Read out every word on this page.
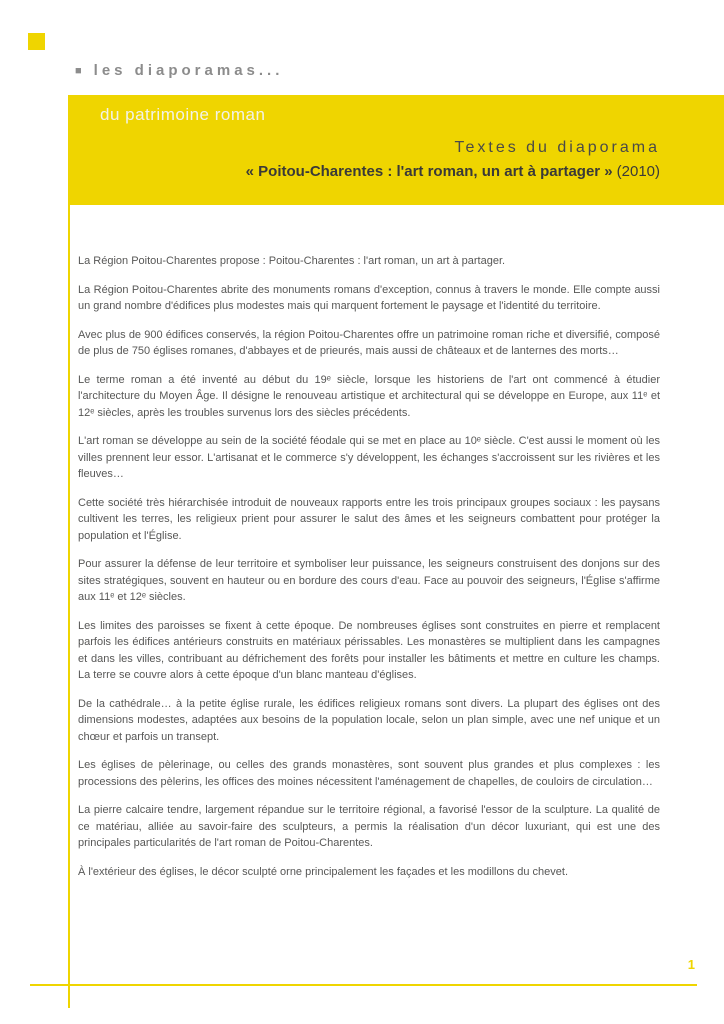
■ les diaporamas...
du patrimoine roman
Textes du diaporama
« Poitou-Charentes : l'art roman, un art à partager » (2010)

La Région Poitou-Charentes propose : Poitou-Charentes : l'art roman, un art à partager.

La Région Poitou-Charentes abrite des monuments romans d'exception, connus à travers le monde. Elle compte aussi un grand nombre d'édifices plus modestes mais qui marquent fortement le paysage et l'identité du territoire.

Avec plus de 900 édifices conservés, la région Poitou-Charentes offre un patrimoine roman riche et diversifié, composé de plus de 750 églises romanes, d'abbayes et de prieurés, mais aussi de châteaux et de lanternes des morts…

Le terme roman a été inventé au début du 19ᵉ siècle, lorsque les historiens de l'art ont commencé à étudier l'architecture du Moyen Âge. Il désigne le renouveau artistique et architectural qui se développe en Europe, aux 11ᵉ et 12ᵉ siècles, après les troubles survenus lors des siècles précédents.

L'art roman se développe au sein de la société féodale qui se met en place au 10ᵉ siècle. C'est aussi le moment où les villes prennent leur essor. L'artisanat et le commerce s'y développent, les échanges s'accroissent sur les rivières et les fleuves…

Cette société très hiérarchisée introduit de nouveaux rapports entre les trois principaux groupes sociaux : les paysans cultivent les terres, les religieux prient pour assurer le salut des âmes et les seigneurs combattent pour protéger la population et l'Église.

Pour assurer la défense de leur territoire et symboliser leur puissance, les seigneurs construisent des donjons sur des sites stratégiques, souvent en hauteur ou en bordure des cours d'eau. Face au pouvoir des seigneurs, l'Église s'affirme aux 11ᵉ et 12ᵉ siècles.

Les limites des paroisses se fixent à cette époque. De nombreuses églises sont construites en pierre et remplacent parfois les édifices antérieurs construits en matériaux périssables. Les monastères se multiplient dans les campagnes et dans les villes, contribuant au défrichement des forêts pour installer les bâtiments et mettre en culture les champs. La terre se couvre alors à cette époque d'un blanc manteau d'églises.

De la cathédrale… à la petite église rurale, les édifices religieux romans sont divers. La plupart des églises ont des dimensions modestes, adaptées aux besoins de la population locale, selon un plan simple, avec une nef unique et un chœur et parfois un transept.

Les églises de pèlerinage, ou celles des grands monastères, sont souvent plus grandes et plus complexes : les processions des pèlerins, les offices des moines nécessitent l'aménagement de chapelles, de couloirs de circulation…

La pierre calcaire tendre, largement répandue sur le territoire régional, a favorisé l'essor de la sculpture. La qualité de ce matériau, alliée au savoir-faire des sculpteurs, a permis la réalisation d'un décor luxuriant, qui est une des principales particularités de l'art roman de Poitou-Charentes.

À l'extérieur des églises, le décor sculpté orne principalement les façades et les modillons du chevet.

1
